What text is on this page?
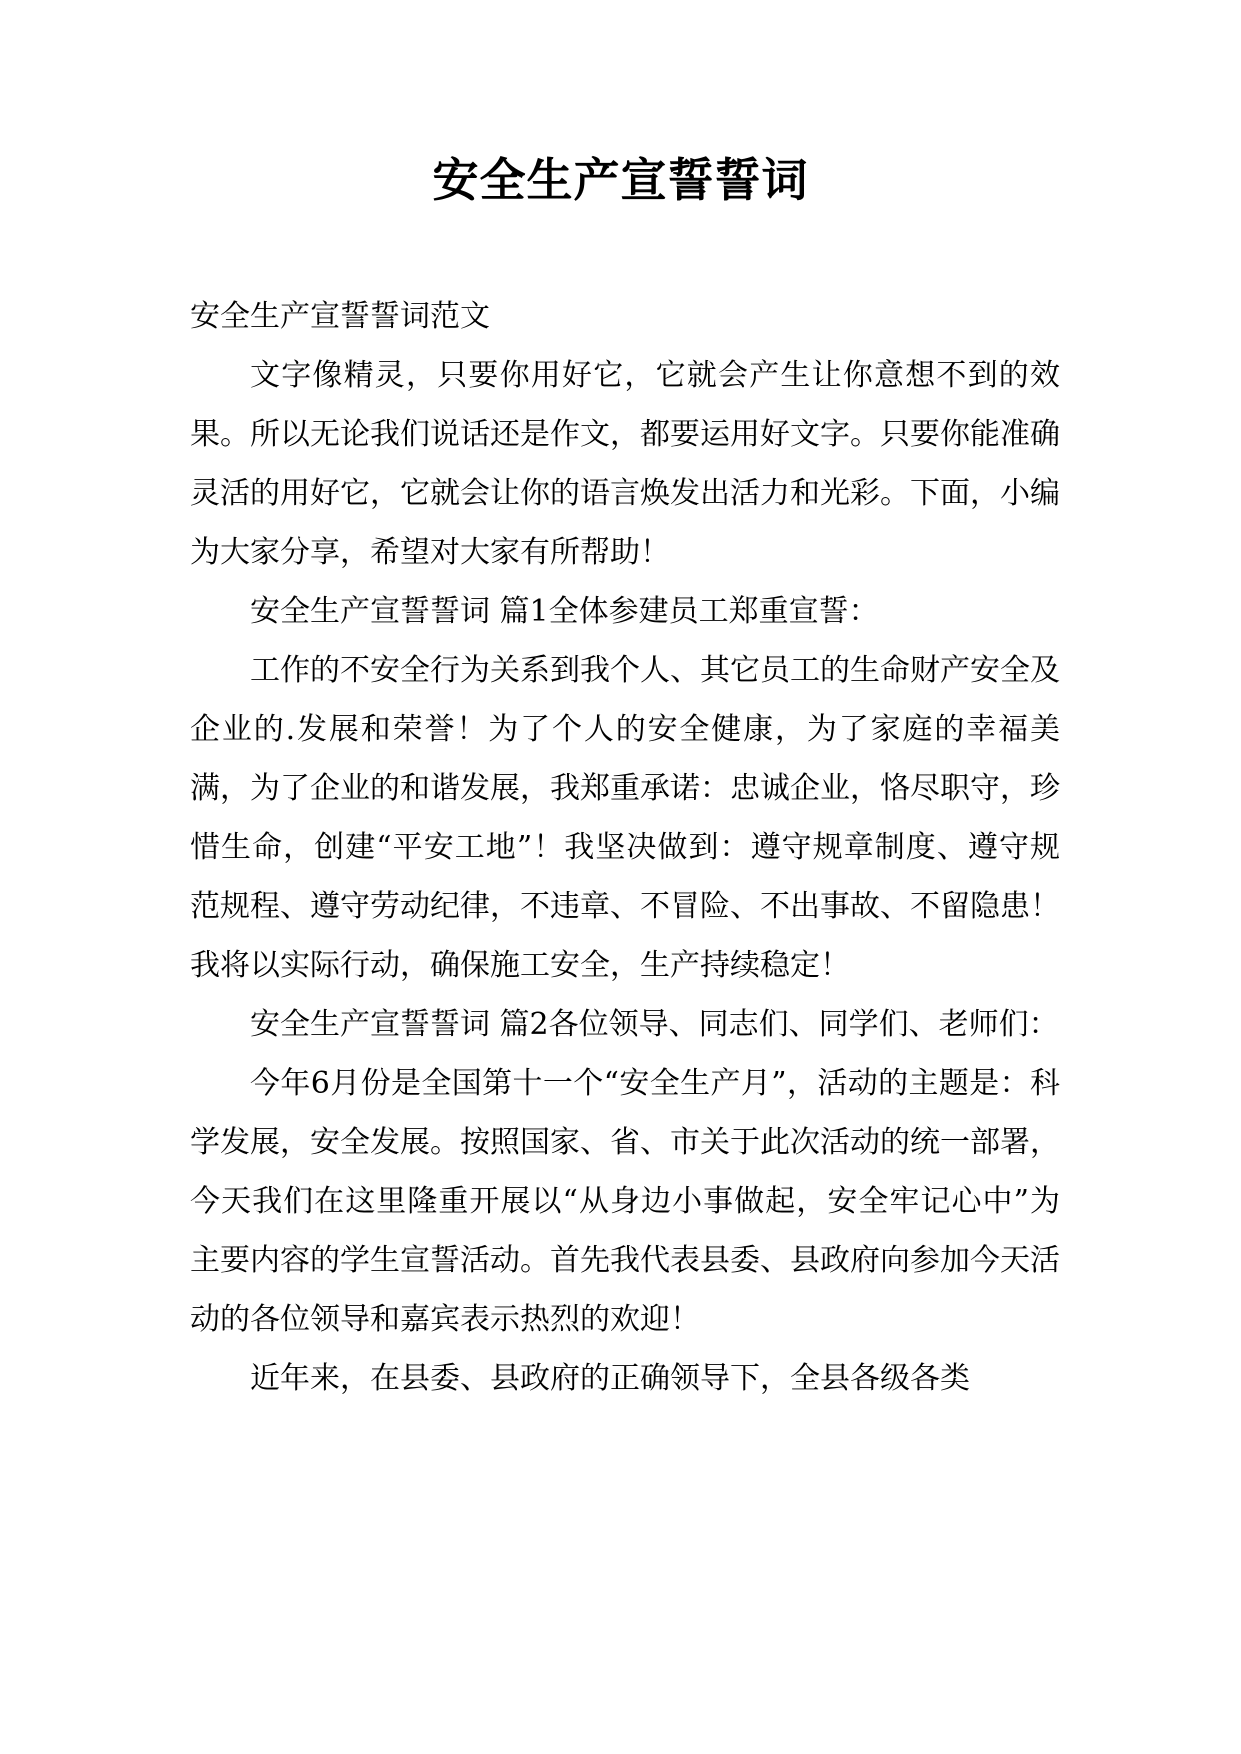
安全生产宣誓誓词

安全生产宣誓誓词范文

文字像精灵，只要你用好它，它就会产生让你意想不到的效果。所以无论我们说话还是作文，都要运用好文字。只要你能准确灵活的用好它，它就会让你的语言焕发出活力和光彩。下面，小编为大家分享，希望对大家有所帮助！

安全生产宣誓誓词 篇1全体参建员工郑重宣誓：

工作的不安全行为关系到我个人、其它员工的生命财产安全及企业的.发展和荣誉！为了个人的安全健康，为了家庭的幸福美满，为了企业的和谐发展，我郑重承诺：忠诚企业，恪尽职守，珍惜生命，创建“平安工地”！我坚决做到：遵守规章制度、遵守规范规程、遵守劳动纪律，不违章、不冒险、不出事故、不留隐患！我将以实际行动，确保施工安全，生产持续稳定！

安全生产宣誓誓词 篇2各位领导、同志们、同学们、老师们：

今年6月份是全国第十一个“安全生产月”，活动的主题是：科学发展，安全发展。按照国家、省、市关于此次活动的统一部署，今天我们在这里隆重开展以“从身边小事做起，安全牢记心中”为主要内容的学生宣誓活动。首先我代表县委、县政府向参加今天活动的各位领导和嘉宾表示热烈的欢迎！

近年来，在县委、县政府的正确领导下，全县各级各类
